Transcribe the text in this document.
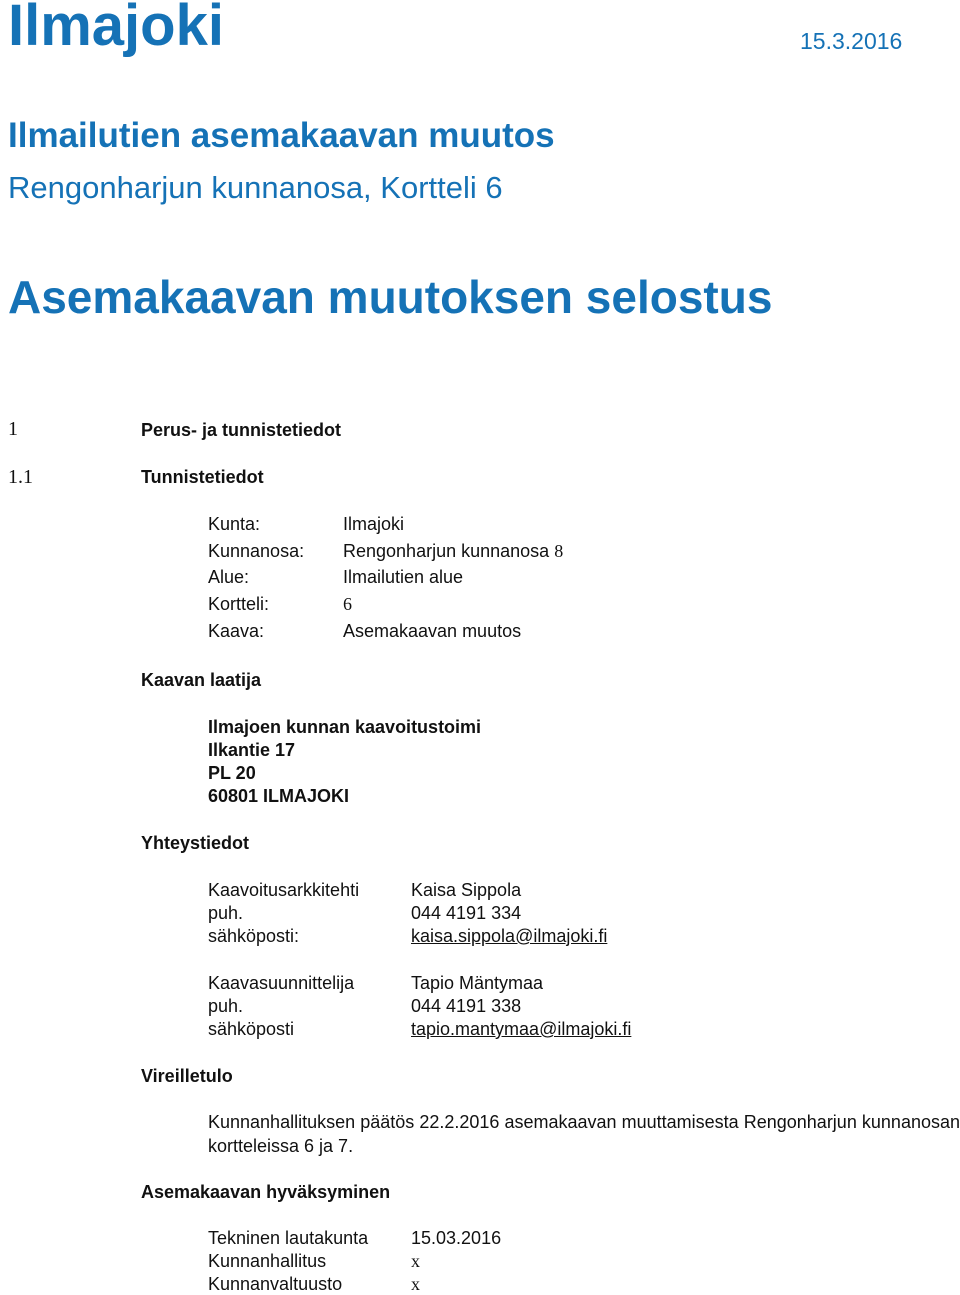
Ilmajoki	15.3.2016
Ilmailutien asemakaavan muutos
Rengonharjun kunnanosa, Kortteli 6
Asemakaavan muutoksen selostus
1	Perus- ja tunnistetiedot
1.1	Tunnistetiedot
Kunta:	Ilmajoki
Kunnanosa: Rengonharjun kunnanosa 8
Alue:	Ilmailutien alue
Kortteli:	6
Kaava:	Asemakaavan muutos
Kaavan laatija
Ilmajoen kunnan kaavoitustoimi
Ilkantie 17
PL 20
60801 ILMAJOKI
Yhteystiedot
Kaavoitusarkkitehti	Kaisa Sippola
puh.	044 4191 334
sähköposti:	kaisa.sippola@ilmajoki.fi
Kaavasuunnittelija	Tapio Mäntymaa
puh.	044 4191 338
sähköposti	tapio.mantymaa@ilmajoki.fi
Vireilletulo
Kunnanhallituksen päätös 22.2.2016 asemakaavan muuttamisesta Rengonharjun kunnanosan kortteleissa 6 ja 7.
Asemakaavan hyväksyminen
Tekninen lautakunta 15.03.2016
Kunnanhallitus	x
Kunnanvaltuusto	x
